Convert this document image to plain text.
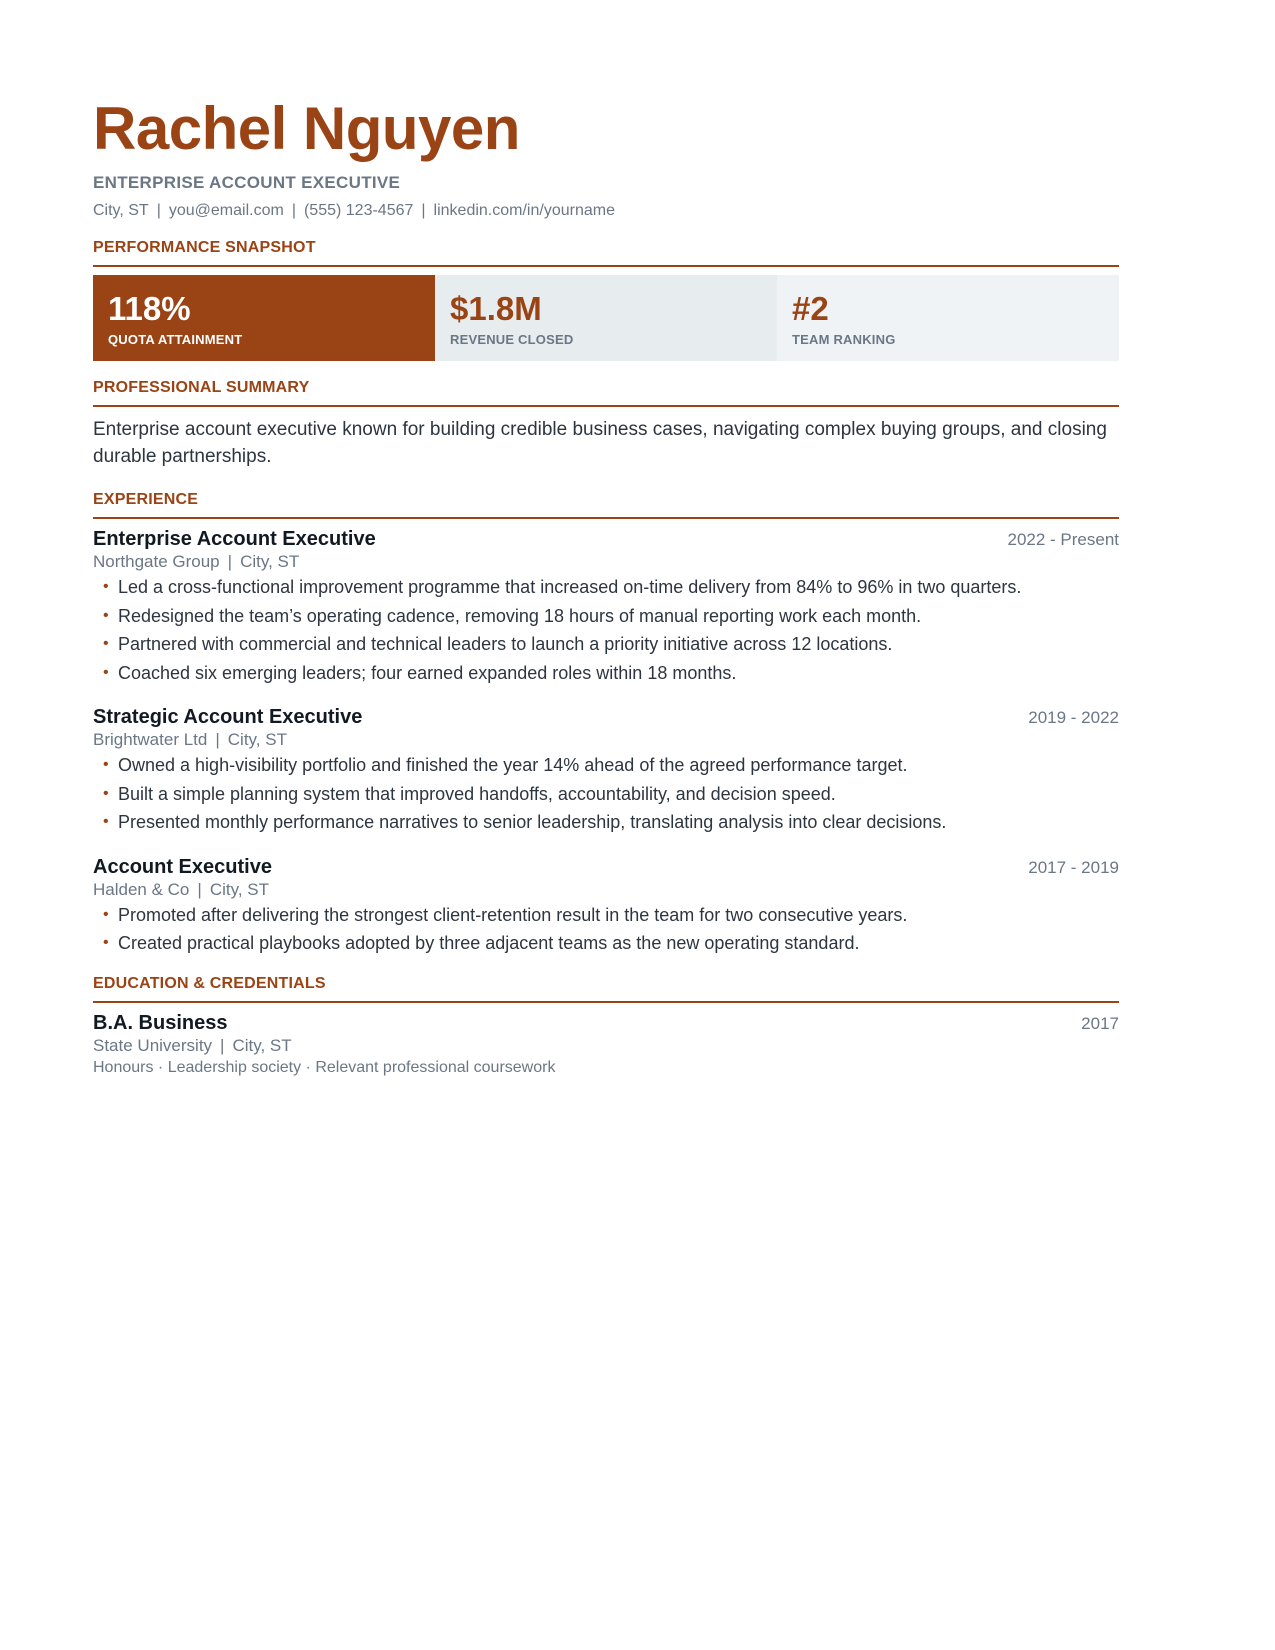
Rachel Nguyen
ENTERPRISE ACCOUNT EXECUTIVE
City, ST | you@email.com | (555) 123-4567 | linkedin.com/in/yourname
PERFORMANCE SNAPSHOT
118%
QUOTA ATTAINMENT
$1.8M
REVENUE CLOSED
#2
TEAM RANKING
PROFESSIONAL SUMMARY
Enterprise account executive known for building credible business cases, navigating complex buying groups, and closing durable partnerships.
EXPERIENCE
Enterprise Account Executive	2022 - Present
Northgate Group | City, ST
• Led a cross-functional improvement programme that increased on-time delivery from 84% to 96% in two quarters.
• Redesigned the team’s operating cadence, removing 18 hours of manual reporting work each month.
• Partnered with commercial and technical leaders to launch a priority initiative across 12 locations.
• Coached six emerging leaders; four earned expanded roles within 18 months.
Strategic Account Executive	2019 - 2022
Brightwater Ltd | City, ST
• Owned a high-visibility portfolio and finished the year 14% ahead of the agreed performance target.
• Built a simple planning system that improved handoffs, accountability, and decision speed.
• Presented monthly performance narratives to senior leadership, translating analysis into clear decisions.
Account Executive	2017 - 2019
Halden & Co | City, ST
• Promoted after delivering the strongest client-retention result in the team for two consecutive years.
• Created practical playbooks adopted by three adjacent teams as the new operating standard.
EDUCATION & CREDENTIALS
B.A. Business	2017
State University | City, ST
Honours · Leadership society · Relevant professional coursework
